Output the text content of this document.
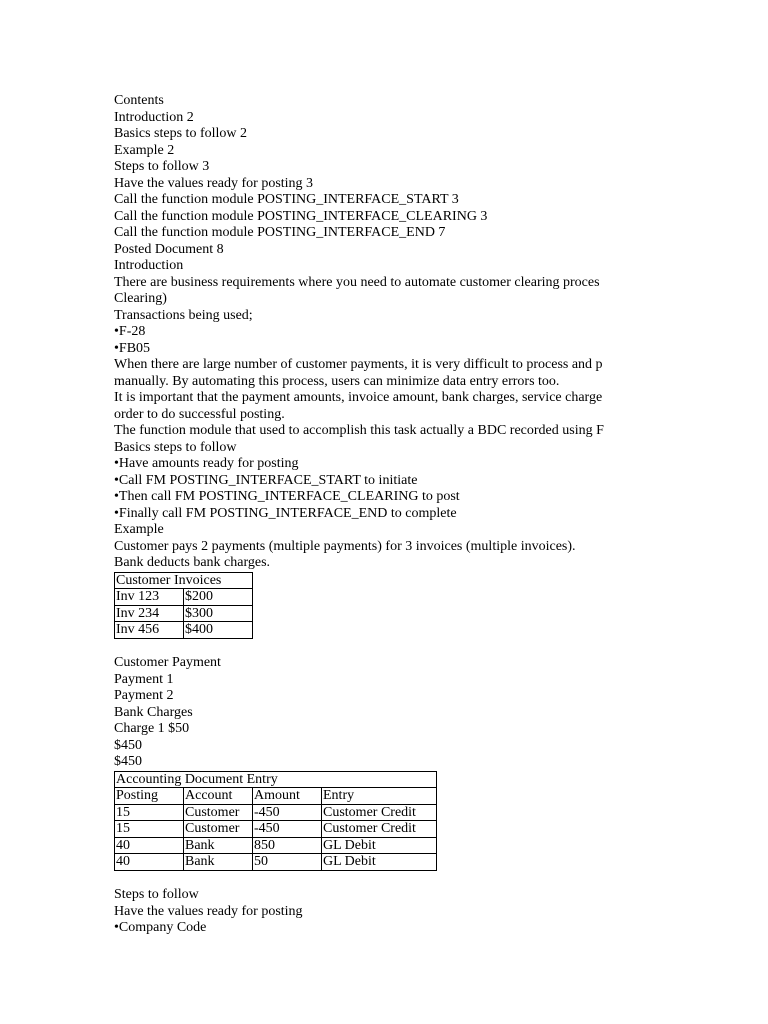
Contents
Introduction 2
Basics steps to follow 2
Example 2
Steps to follow 3
Have the values ready for posting 3
Call the function module POSTING_INTERFACE_START 3
Call the function module POSTING_INTERFACE_CLEARING 3
Call the function module POSTING_INTERFACE_END 7
Posted Document 8
Introduction
There are business requirements where you need to automate customer clearing proces
Clearing)
Transactions being used;
•F-28
•FB05
When there are large number of customer payments, it is very difficult to process and p
manually. By automating this process, users can minimize data entry errors too.
It is important that the payment amounts, invoice amount, bank charges, service charge
order to do successful posting.
The function module that used to accomplish this task actually a BDC recorded using F
Basics steps to follow
•Have amounts ready for posting
•Call FM POSTING_INTERFACE_START to initiate
•Then call FM POSTING_INTERFACE_CLEARING to post
•Finally call FM POSTING_INTERFACE_END to complete
Example
Customer pays 2 payments (multiple payments) for 3 invoices (multiple invoices).
Bank deducts bank charges.
Customer Invoices	
Inv 123	$200
Inv 234	$300
Inv 456	$400
Customer Payment
Payment 1
Payment 2
Bank Charges
Charge 1 $50
$450
$450
Accounting Document Entry			
Posting	Account	Amount	Entry
15	Customer	-450	Customer Credit
15	Customer	-450	Customer Credit
40	Bank	850	GL Debit
40	Bank	50	GL Debit
Steps to follow
Have the values ready for posting
•Company Code
